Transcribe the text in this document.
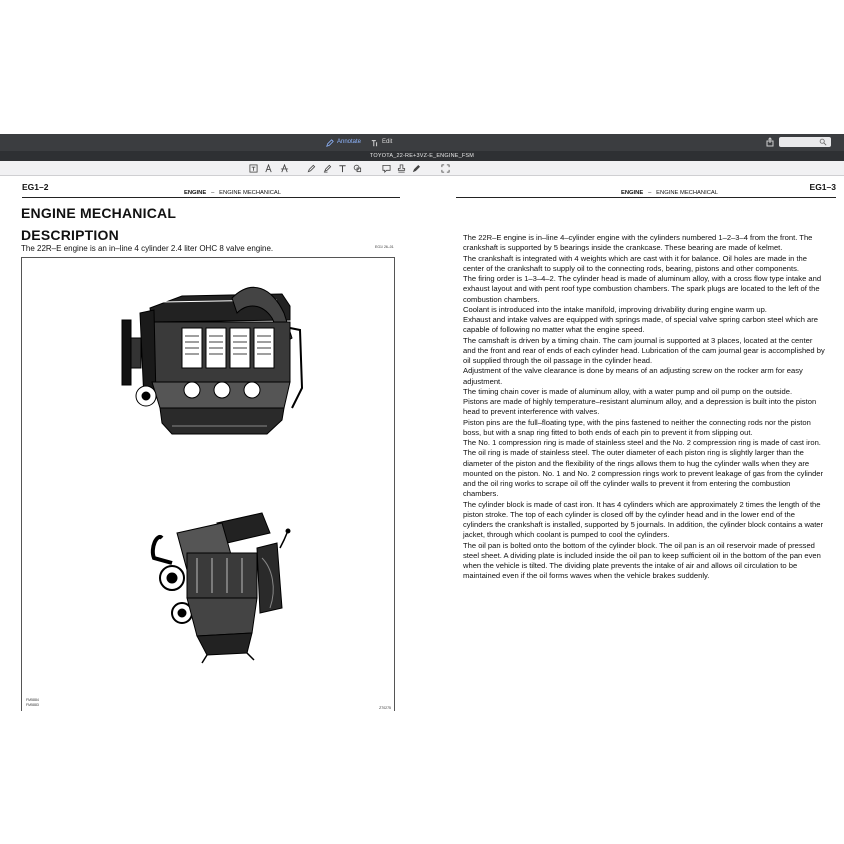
Annotate	Edit
TOYOTA_22-RE+3VZ-E_ENGINE_FSM
EG1–2
ENGINE – ENGINE MECHANICAL
ENGINE MECHANICAL
DESCRIPTION
The 22R–E engine is an in–line 4 cylinder 2.4 liter OHC 8 valve engine.	EG1/ 26–01
FM5884
FM5883
Z70275
EG1–3
ENGINE – ENGINE MECHANICAL

The 22R–E engine is in–line 4–cylinder engine with the cylinders numbered 1–2–3–4 from the front. The crankshaft is supported by 5 bearings inside the crankcase. These bearing are made of kelmet.

The crankshaft is integrated with 4 weights which are cast with it for balance. Oil holes are made in the center of the crankshaft to supply oil to the connecting rods, bearing, pistons and other components.

The firing order is 1–3–4–2. The cylinder head is made of aluminum alloy, with a cross flow type intake and exhaust layout and with pent roof type combustion chambers. The spark plugs are located to the left of the combustion chambers.

Coolant is introduced into the intake manifold, improving drivability during engine warm up.

Exhaust and intake valves are equipped with springs made, of special valve spring carbon steel which are capable of following no matter what the engine speed.

The camshaft is driven by a timing chain. The cam journal is supported at 3 places, located at the center and the front and rear of ends of each cylinder head. Lubrication of the cam journal gear is accomplished by oil supplied through the oil passage in the cylinder head.

Adjustment of the valve clearance is done by means of an adjusting screw on the rocker arm for easy adjustment.

The timing chain cover is made of aluminum alloy, with a water pump and oil pump on the outside.

Pistons are made of highly temperature–resistant aluminum alloy, and a depression is built into the piston head to prevent interference with valves.

Piston pins are the full–floating type, with the pins fastened to neither the connecting rods nor the piston boss, but with a snap ring fitted to both ends of each pin to prevent it from slipping out.

The No. 1 compression ring is made of stainless steel and the No. 2 compression ring is made of cast iron. The oil ring is made of stainless steel. The outer diameter of each piston ring is slightly larger than the diameter of the piston and the flexibility of the rings allows them to hug the cylinder walls when they are mounted on the piston. No. 1 and No. 2 compression rings work to prevent leakage of gas from the cylinder and the oil ring works to scrape oil off the cylinder walls to prevent it from entering the combustion chambers.

The cylinder block is made of cast iron. It has 4 cylinders which are approximately 2 times the length of the piston stroke. The top of each cylinder is closed off by the cylinder head and in the lower end of the cylinders the crankshaft is installed, supported by 5 journals. In addition, the cylinder block contains a water jacket, through which coolant is pumped to cool the cylinders.

The oil pan is bolted onto the bottom of the cylinder block. The oil pan is an oil reservoir made of pressed steel sheet. A dividing plate is included inside the oil pan to keep sufficient oil in the bottom of the pan even when the vehicle is tilted. The dividing plate prevents the intake of air and allows oil circulation to be maintained even if the oil forms waves when the vehicle brakes suddenly.
